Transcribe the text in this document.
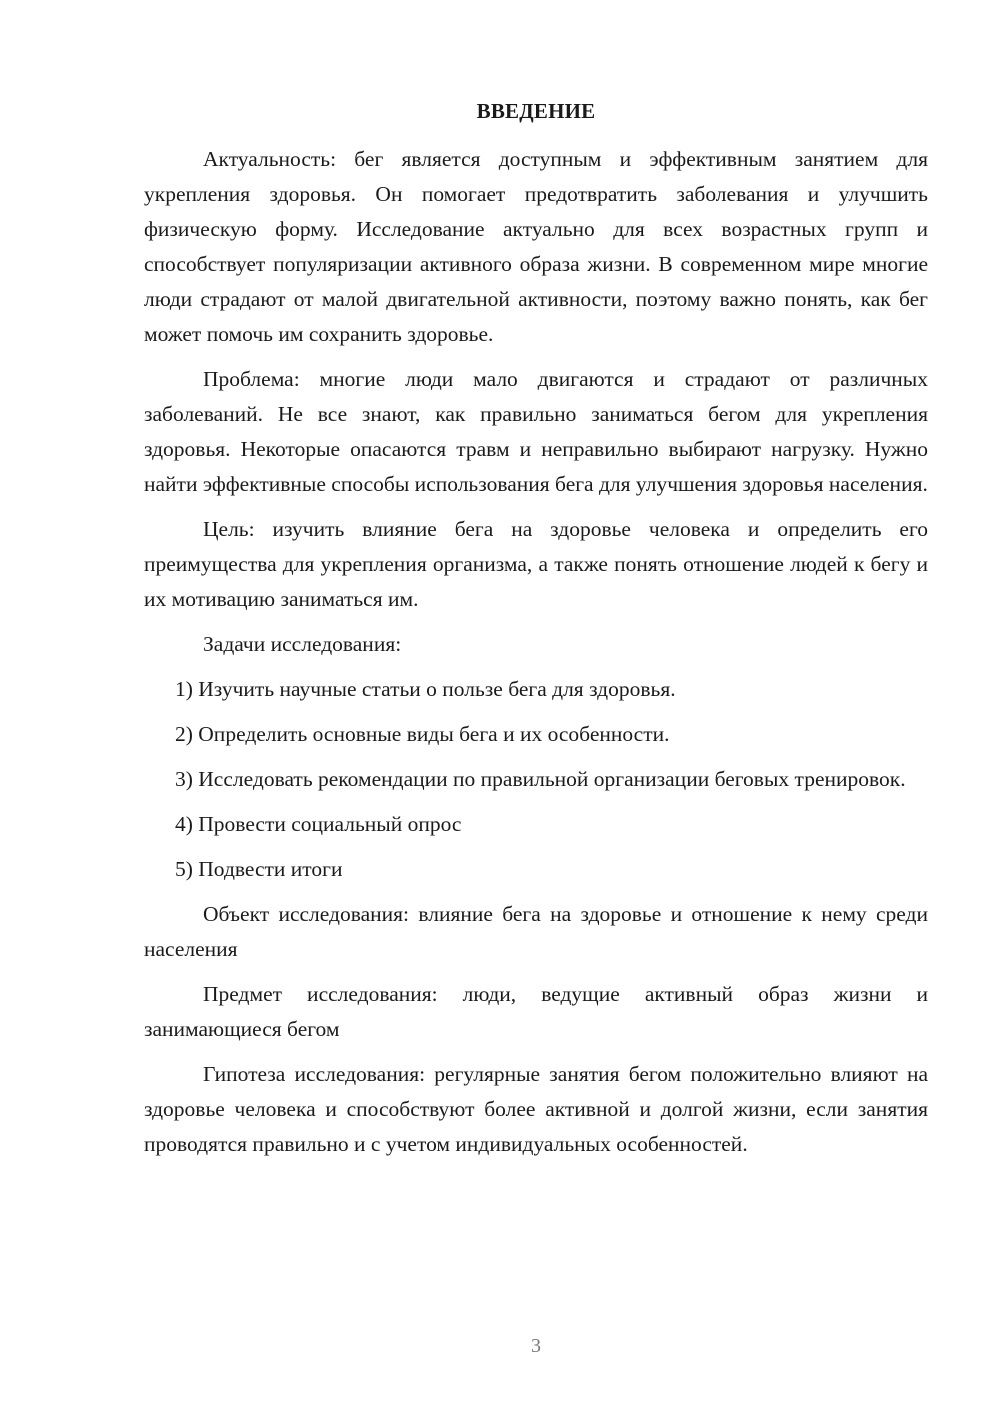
ВВЕДЕНИЕ

Актуальность: бег является доступным и эффективным занятием для укрепления здоровья. Он помогает предотвратить заболевания и улучшить физическую форму. Исследование актуально для всех возрастных групп и способствует популяризации активного образа жизни. В современном мире многие люди страдают от малой двигательной активности, поэтому важно понять, как бег может помочь им сохранить здоровье.

Проблема: многие люди мало двигаются и страдают от различных заболеваний. Не все знают, как правильно заниматься бегом для укрепления здоровья. Некоторые опасаются травм и неправильно выбирают нагрузку. Нужно найти эффективные способы использования бега для улучшения здоровья населения.

Цель: изучить влияние бега на здоровье человека и определить его преимущества для укрепления организма, а также понять отношение людей к бегу и их мотивацию заниматься им.

Задачи исследования:

1) Изучить научные статьи о пользе бега для здоровья.

2) Определить основные виды бега и их особенности.

3) Исследовать рекомендации по правильной организации беговых тренировок.

4) Провести социальный опрос

5) Подвести итоги

Объект исследования: влияние бега на здоровье и отношение к нему среди населения

Предмет исследования: люди, ведущие активный образ жизни и занимающиеся бегом

Гипотеза исследования: регулярные занятия бегом положительно влияют на здоровье человека и способствуют более активной и долгой жизни, если занятия проводятся правильно и с учетом индивидуальных особенностей.

3
